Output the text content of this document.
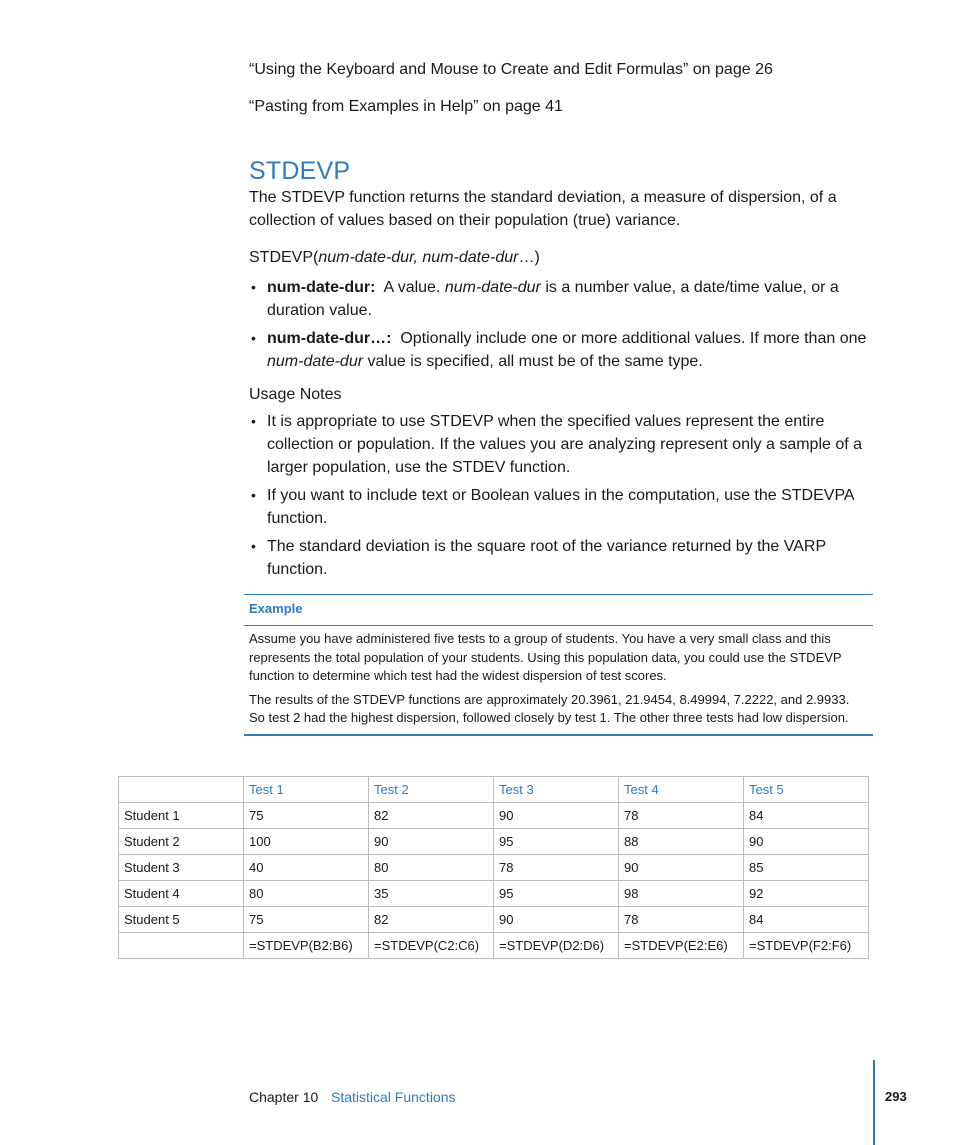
“Using the Keyboard and Mouse to Create and Edit Formulas” on page 26
“Pasting from Examples in Help” on page 41
STDEVP
The STDEVP function returns the standard deviation, a measure of dispersion, of a collection of values based on their population (true) variance.
STDEVP(num-date-dur, num-date-dur…)
• num-date-dur: A value. num-date-dur is a number value, a date/time value, or a duration value.
• num-date-dur…: Optionally include one or more additional values. If more than one num-date-dur value is specified, all must be of the same type.
Usage Notes
• It is appropriate to use STDEVP when the specified values represent the entire collection or population. If the values you are analyzing represent only a sample of a larger population, use the STDEV function.
• If you want to include text or Boolean values in the computation, use the STDEVPA function.
• The standard deviation is the square root of the variance returned by the VARP function.
Example
Assume you have administered five tests to a group of students. You have a very small class and this represents the total population of your students. Using this population data, you could use the STDEVP function to determine which test had the widest dispersion of test scores.
The results of the STDEVP functions are approximately 20.3961, 21.9454, 8.49994, 7.2222, and 2.9933. So test 2 had the highest dispersion, followed closely by test 1. The other three tests had low dispersion.
	Test 1	Test 2	Test 3	Test 4	Test 5
Student 1	75	82	90	78	84
Student 2	100	90	95	88	90
Student 3	40	80	78	90	85
Student 4	80	35	95	98	92
Student 5	75	82	90	78	84
	=STDEVP(B2:B6)	=STDEVP(C2:C6)	=STDEVP(D2:D6)	=STDEVP(E2:E6)	=STDEVP(F2:F6)
Chapter 10 Statistical Functions	293
